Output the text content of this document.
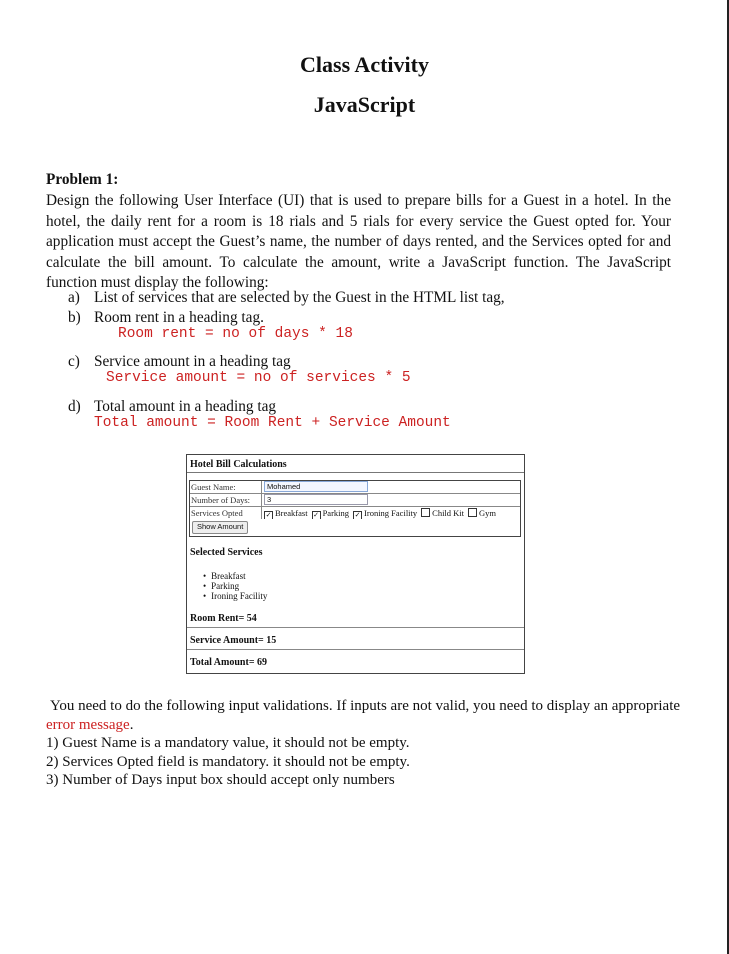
Class Activity
JavaScript
Problem 1:
Design the following User Interface (UI) that is used to prepare bills for a Guest in a hotel. In the hotel, the daily rent for a room is 18 rials and 5 rials for every service the Guest opted for. Your application must accept the Guest’s name, the number of days rented, and the Services opted for and calculate the bill amount. To calculate the amount, write a JavaScript function. The JavaScript function must display the following:
a) List of services that are selected by the Guest in the HTML list tag,
b) Room rent in a heading tag.
Room rent = no of days * 18
c) Service amount in a heading tag
Service amount = no of services * 5
d) Total amount in a heading tag
Total amount = Room Rent + Service Amount
Hotel Bill Calculations
Guest Name:	Mohamed
Number of Days:	3
Services Opted	✓ Breakfast ✓ Parking ✓ Ironing Facility Child Kit Gym
Show Amount
Selected Services
• Breakfast
• Parking
• Ironing Facility
Room Rent= 54
Service Amount= 15
Total Amount= 69
You need to do the following input validations. If inputs are not valid, you need to display an appropriate error message.
1) Guest Name is a mandatory value, it should not be empty.
2) Services Opted field is mandatory. it should not be empty.
3) Number of Days input box should accept only numbers
